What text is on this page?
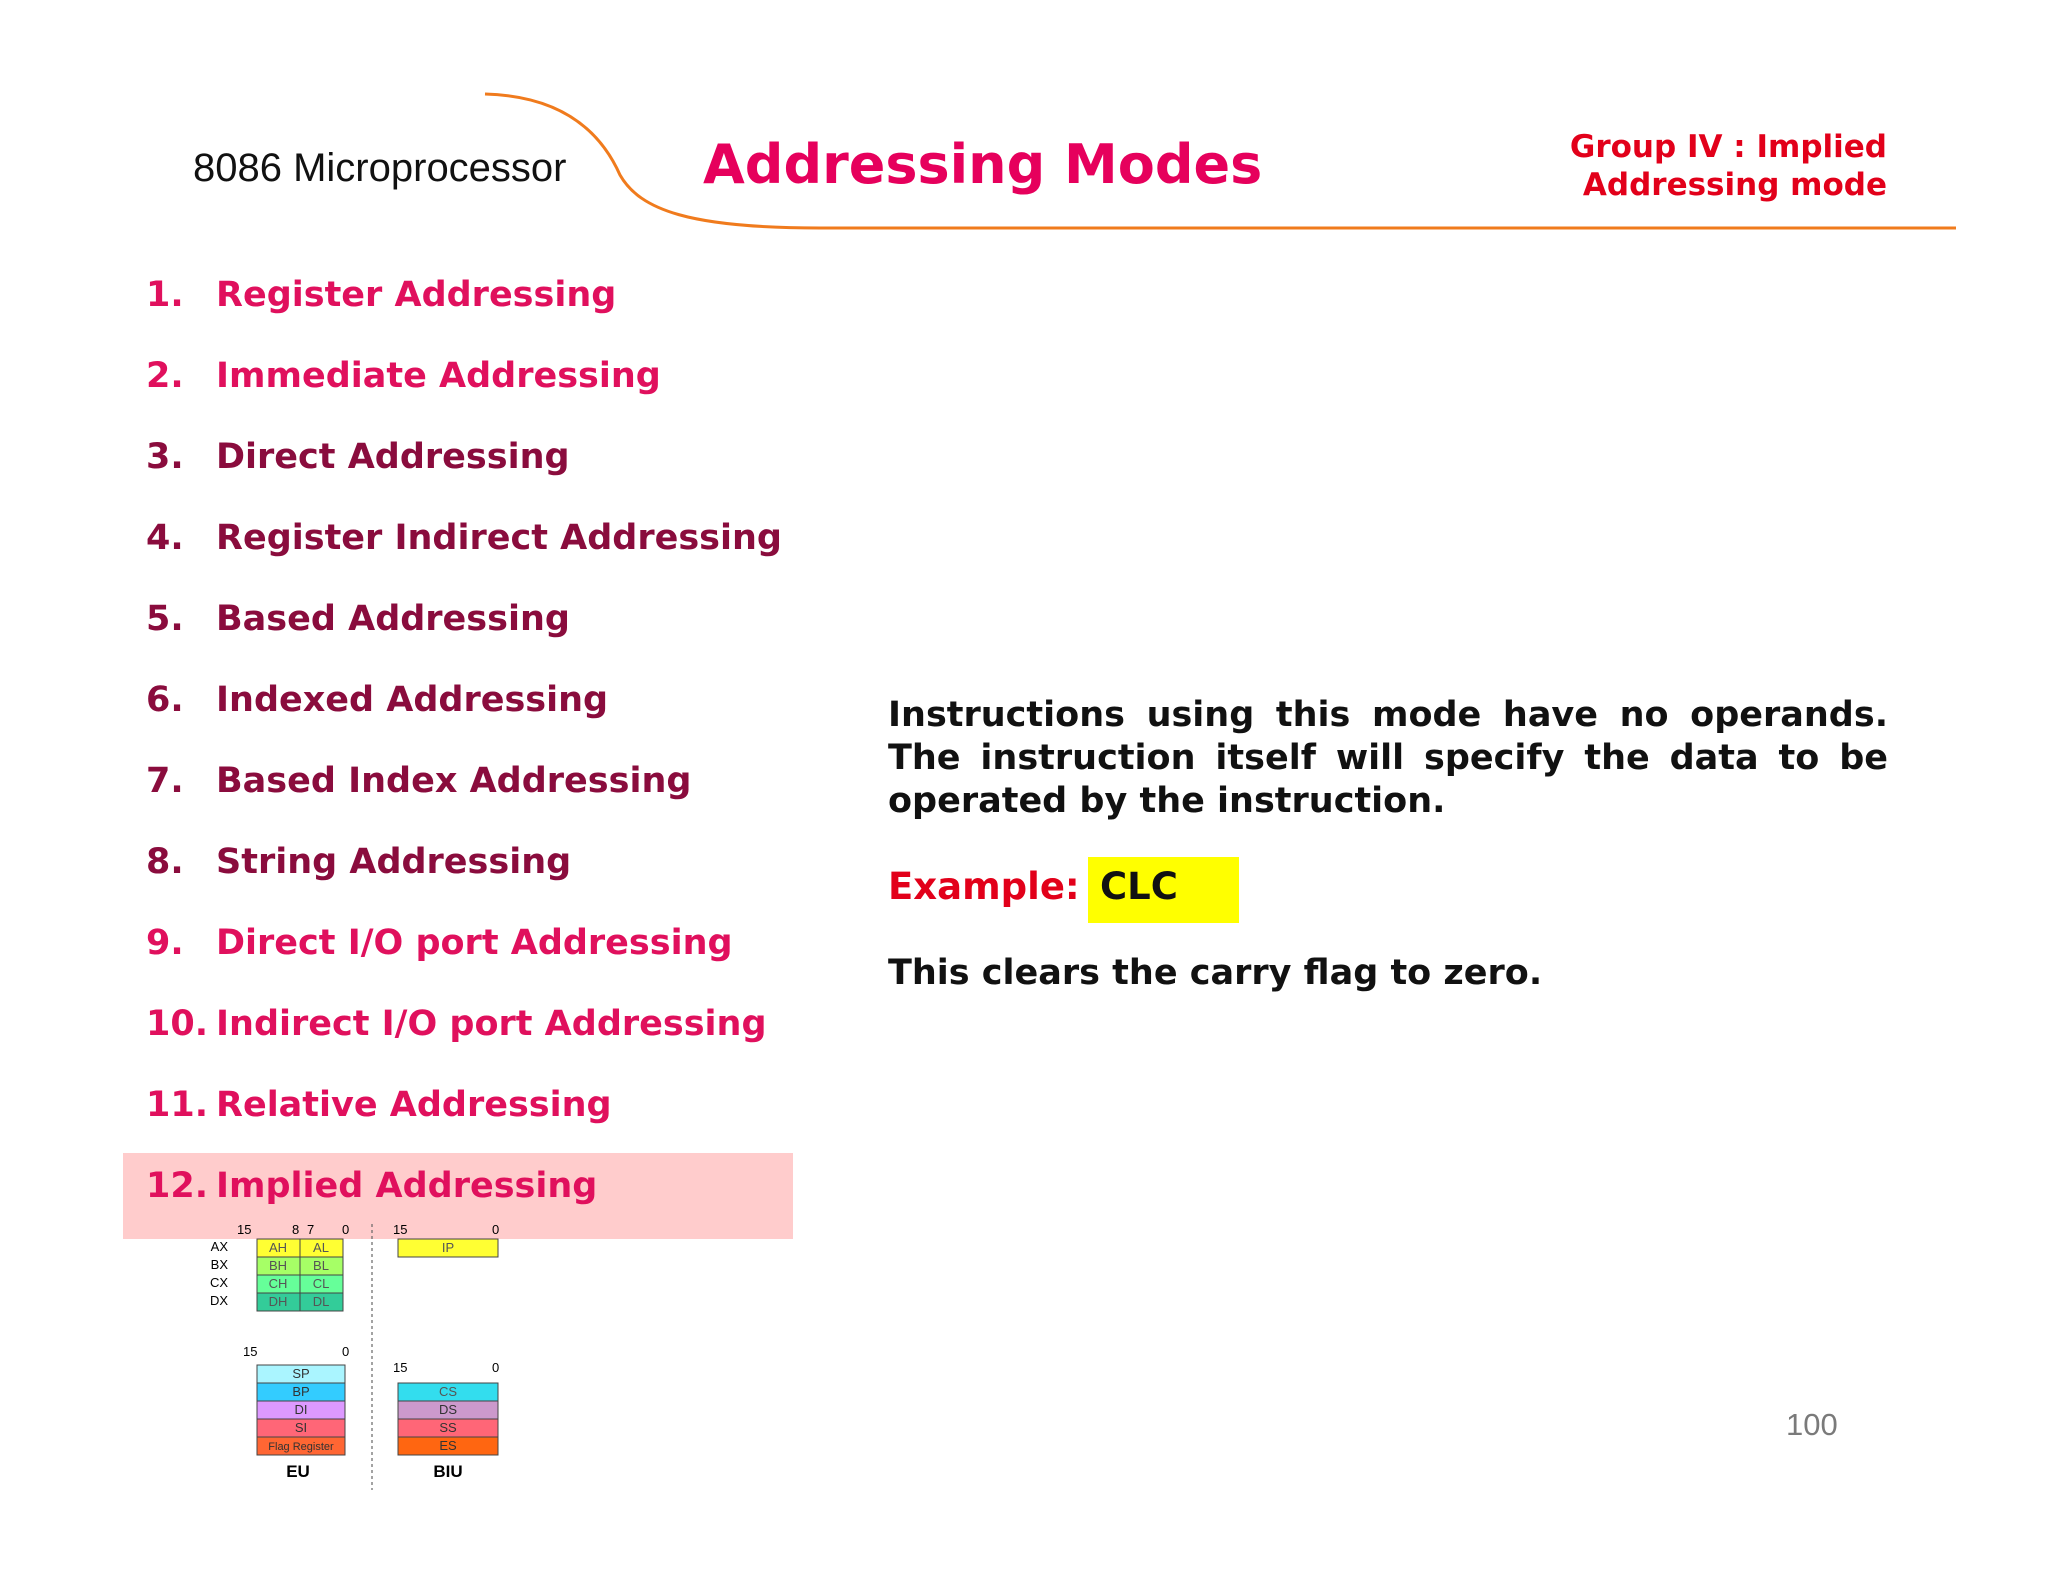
8086 Microprocessor	Addressing Modes	Group IV : Implied
Addressing mode
1. Register Addressing
2. Immediate Addressing
3. Direct Addressing
4. Register Indirect Addressing
5. Based Addressing
6. Indexed Addressing
7. Based Index Addressing
8. String Addressing
9. Direct I/O port Addressing
10. Indirect I/O port Addressing
11. Relative Addressing
12. Implied Addressing
Instructions using this mode have no operands. The instruction itself will specify the data to be operated by the instruction.
Example: CLC
This clears the carry flag to zero.
100
15	8 7 0
AX	AH AL
BX	BH BL
CX	CH CL
DX	DH DL
15	0
IP
15	0
SP
BP
DI
SI
Flag Register
15	0
CS
DS
SS
ES
EU	BIU
